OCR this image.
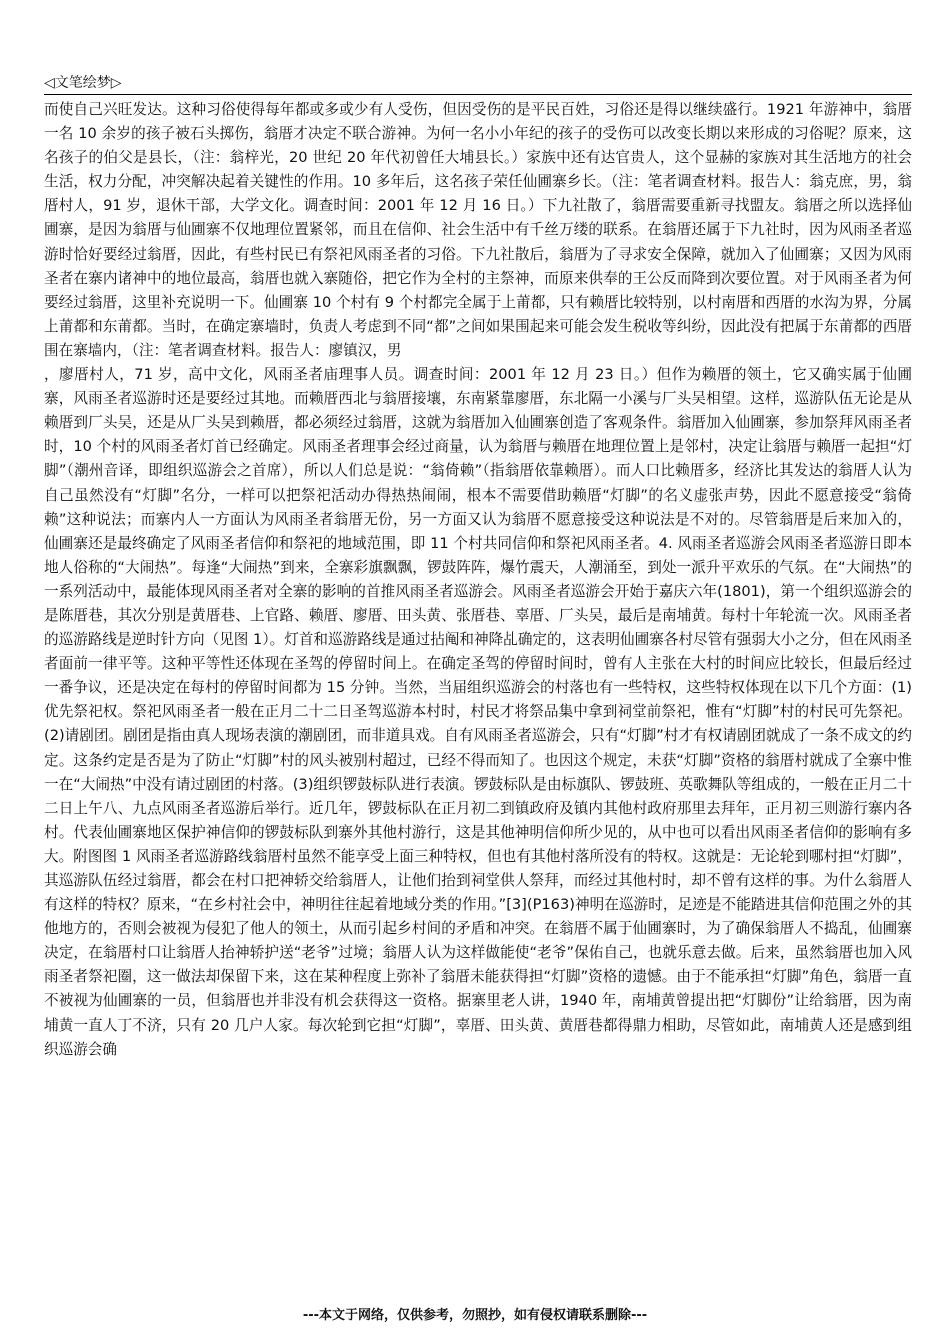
◁文笔绘梦▷

而使自己兴旺发达。这种习俗使得每年都或多或少有人受伤，但因受伤的是平民百姓，习俗还是得以继续盛行。1921 年游神中，翁厝一名 10 余岁的孩子被石头掷伤，翁厝才决定不联合游神。为何一名小小年纪的孩子的受伤可以改变长期以来形成的习俗呢？原来，这名孩子的伯父是县长，（注：翁梓光，20 世纪 20 年代初曾任大埔县长。）家族中还有达官贵人，这个显赫的家族对其生活地方的社会生活，权力分配，冲突解决起着关键性的作用。10 多年后，这名孩子荣任仙圃寨乡长。（注：笔者调查材料。报告人：翁克庶，男，翁厝村人，91 岁，退休干部，大学文化。调查时间：2001 年 12 月 16 日。）下九社散了，翁厝需要重新寻找盟友。翁厝之所以选择仙圃寨，是因为翁厝与仙圃寨不仅地理位置紧邻，而且在信仰、社会生活中有千丝万缕的联系。在翁厝还属于下九社时，因为风雨圣者巡游时恰好要经过翁厝，因此，有些村民已有祭祀风雨圣者的习俗。下九社散后，翁厝为了寻求安全保障，就加入了仙圃寨；又因为风雨圣者在寨内诸神中的地位最高，翁厝也就入寨随俗，把它作为全村的主祭神，而原来供奉的王公反而降到次要位置。对于风雨圣者为何要经过翁厝，这里补充说明一下。仙圃寨 10 个村有 9 个村都完全属于上莆都，只有赖厝比较特别，以村南厝和西厝的水沟为界，分属上莆都和东莆都。当时，在确定寨墙时，负责人考虑到不同“都”之间如果围起来可能会发生税收等纠纷，因此没有把属于东莆都的西厝围在寨墙内，（注：笔者调查材料。报告人：廖镇汉，男

，廖厝村人，71 岁，高中文化，风雨圣者庙理事人员。调查时间：2001 年 12 月 23 日。）但作为赖厝的领土，它又确实属于仙圃寨，风雨圣者巡游时还是要经过其地。而赖厝西北与翁厝接壤，东南紧靠廖厝，东北隔一小溪与厂头吴相望。这样，巡游队伍无论是从赖厝到厂头吴，还是从厂头吴到赖厝，都必须经过翁厝，这就为翁厝加入仙圃寨创造了客观条件。翁厝加入仙圃寨，参加祭拜风雨圣者时，10 个村的风雨圣者灯首已经确定。风雨圣者理事会经过商量，认为翁厝与赖厝在地理位置上是邻村，决定让翁厝与赖厝一起担“灯脚”（潮州音译，即组织巡游会之首席），所以人们总是说：“翁倚赖”（指翁厝依靠赖厝）。而人口比赖厝多，经济比其发达的翁厝人认为自己虽然没有“灯脚”名分，一样可以把祭祀活动办得热热闹闹，根本不需要借助赖厝“灯脚”的名义虚张声势，因此不愿意接受“翁倚赖”这种说法；而寨内人一方面认为风雨圣者翁厝无份，另一方面又认为翁厝不愿意接受这种说法是不对的。尽管翁厝是后来加入的，仙圃寨还是最终确定了风雨圣者信仰和祭祀的地域范围，即 11 个村共同信仰和祭祀风雨圣者。4. 风雨圣者巡游会风雨圣者巡游日即本地人俗称的“大闹热”。每逢“大闹热”到来，全寨彩旗飘飘，锣鼓阵阵，爆竹震天，人潮涌至，到处一派升平欢乐的气氛。在“大闹热”的一系列活动中，最能体现风雨圣者对全寨的影响的首推风雨圣者巡游会。风雨圣者巡游会开始于嘉庆六年(1801)，第一个组织巡游会的是陈厝巷，其次分别是黄厝巷、上官路、赖厝、廖厝、田头黄、张厝巷、辜厝、厂头吴，最后是南埔黄。每村十年轮流一次。风雨圣者的巡游路线是逆时针方向（见图 1）。灯首和巡游路线是通过拈阄和神降乩确定的，这表明仙圃寨各村尽管有强弱大小之分，但在风雨圣者面前一律平等。这种平等性还体现在圣驾的停留时间上。在确定圣驾的停留时间时，曾有人主张在大村的时间应比较长，但最后经过一番争议，还是决定在每村的停留时间都为 15 分钟。当然，当届组织巡游会的村落也有一些特权，这些特权体现在以下几个方面：(1)优先祭祀权。祭祀风雨圣者一般在正月二十二日圣驾巡游本村时，村民才将祭品集中拿到祠堂前祭祀，惟有“灯脚”村的村民可先祭祀。(2)请剧团。剧团是指由真人现场表演的潮剧团，而非道具戏。自有风雨圣者巡游会，只有“灯脚”村才有权请剧团就成了一条不成文的约定。这条约定是否是为了防止“灯脚”村的风头被别村超过，已经不得而知了。也因这个规定，未获“灯脚”资格的翁厝村就成了全寨中惟一在“大闹热”中没有请过剧团的村落。(3)组织锣鼓标队进行表演。锣鼓标队是由标旗队、锣鼓班、英歌舞队等组成的，一般在正月二十二日上午八、九点风雨圣者巡游后举行。近几年，锣鼓标队在正月初二到镇政府及镇内其他村政府那里去拜年，正月初三则游行寨内各村。代表仙圃寨地区保护神信仰的锣鼓标队到寨外其他村游行，这是其他神明信仰所少见的，从中也可以看出风雨圣者信仰的影响有多大。附图图 1 风雨圣者巡游路线翁厝村虽然不能享受上面三种特权，但也有其他村落所没有的特权。这就是：无论轮到哪村担“灯脚”，其巡游队伍经过翁厝，都会在村口把神轿交给翁厝人，让他们抬到祠堂供人祭拜，而经过其他村时，却不曾有这样的事。为什么翁厝人有这样的特权？原来，“在乡村社会中，神明往往起着地域分类的作用。”[3](P163)神明在巡游时，足迹是不能踏进其信仰范围之外的其他地方的，否则会被视为侵犯了他人的领土，从而引起乡村间的矛盾和冲突。在翁厝不属于仙圃寨时，为了确保翁厝人不捣乱，仙圃寨决定，在翁厝村口让翁厝人抬神轿护送“老爷”过境；翁厝人认为这样做能使“老爷”保佑自己，也就乐意去做。后来，虽然翁厝也加入风雨圣者祭祀圈，这一做法却保留下来，这在某种程度上弥补了翁厝未能获得担“灯脚”资格的遗憾。由于不能承担“灯脚”角色，翁厝一直不被视为仙圃寨的一员，但翁厝也并非没有机会获得这一资格。据寨里老人讲，1940 年，南埔黄曾提出把“灯脚份”让给翁厝，因为南埔黄一直人丁不济，只有 20 几户人家。每次轮到它担“灯脚”，辜厝、田头黄、黄厝巷都得鼎力相助，尽管如此，南埔黄人还是感到组织巡游会确

---本文于网络，仅供参考，勿照抄，如有侵权请联系删除---
